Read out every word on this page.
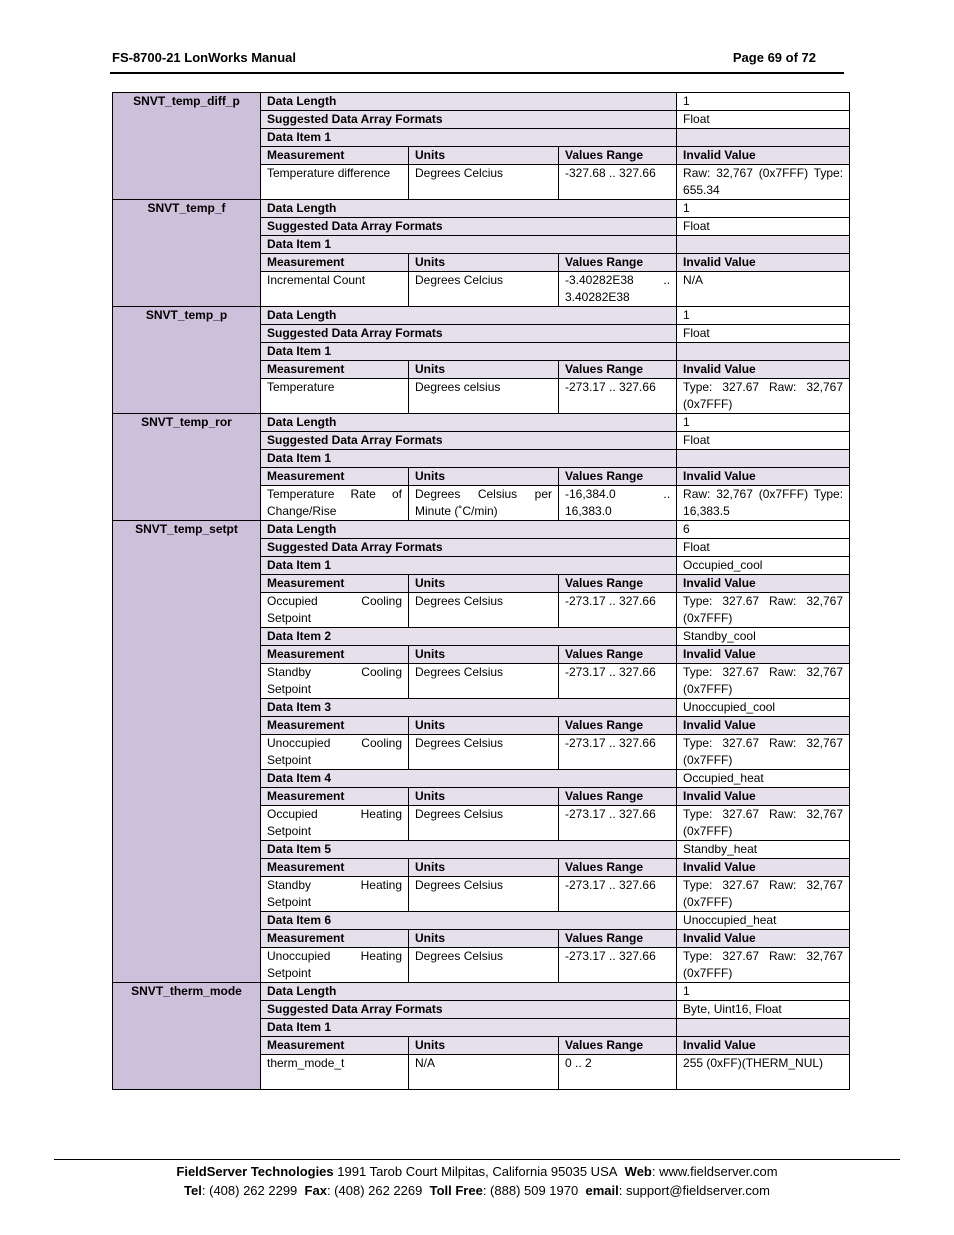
FS-8700-21 LonWorks Manual	Page 69 of 72
SNVT_temp_diff_p	Data Length			1
	Suggested Data Array Formats			Float
	Data Item 1			
	Measurement	Units	Values Range	Invalid Value
	Temperature difference	Degrees Celcius	-327.68 .. 327.66	Raw: 32,767 (0x7FFF) Type: 655.34
SNVT_temp_f	Data Length			1
	Suggested Data Array Formats			Float
	Data Item 1			
	Measurement	Units	Values Range	Invalid Value
	Incremental Count	Degrees Celcius	-3.40282E38 .. 3.40282E38	N/A
SNVT_temp_p	Data Length			1
	Suggested Data Array Formats			Float
	Data Item 1			
	Measurement	Units	Values Range	Invalid Value
	Temperature	Degrees celsius	-273.17 .. 327.66	Type: 327.67 Raw: 32,767 (0x7FFF)
SNVT_temp_ror	Data Length			1
	Suggested Data Array Formats			Float
	Data Item 1			
	Measurement	Units	Values Range	Invalid Value
	Temperature Rate of Change/Rise	Degrees Celsius per Minute (˚C/min)	-16,384.0 .. 16,383.0	Raw: 32,767 (0x7FFF) Type: 16,383.5
SNVT_temp_setpt	Data Length			6
	Suggested Data Array Formats			Float
	Data Item 1			Occupied_cool
	Measurement	Units	Values Range	Invalid Value
	Occupied Cooling Setpoint	Degrees Celsius	-273.17 .. 327.66	Type: 327.67 Raw: 32,767 (0x7FFF)
	Data Item 2			Standby_cool
	Measurement	Units	Values Range	Invalid Value
	Standby Cooling Setpoint	Degrees Celsius	-273.17 .. 327.66	Type: 327.67 Raw: 32,767 (0x7FFF)
	Data Item 3			Unoccupied_cool
	Measurement	Units	Values Range	Invalid Value
	Unoccupied Cooling Setpoint	Degrees Celsius	-273.17 .. 327.66	Type: 327.67 Raw: 32,767 (0x7FFF)
	Data Item 4			Occupied_heat
	Measurement	Units	Values Range	Invalid Value
	Occupied Heating Setpoint	Degrees Celsius	-273.17 .. 327.66	Type: 327.67 Raw: 32,767 (0x7FFF)
	Data Item 5			Standby_heat
	Measurement	Units	Values Range	Invalid Value
	Standby Heating Setpoint	Degrees Celsius	-273.17 .. 327.66	Type: 327.67 Raw: 32,767 (0x7FFF)
	Data Item 6			Unoccupied_heat
	Measurement	Units	Values Range	Invalid Value
	Unoccupied Heating Setpoint	Degrees Celsius	-273.17 .. 327.66	Type: 327.67 Raw: 32,767 (0x7FFF)
SNVT_therm_mode	Data Length			1
	Suggested Data Array Formats			Byte, Uint16, Float
	Data Item 1			
	Measurement	Units	Values Range	Invalid Value
	therm_mode_t	N/A	0 .. 2	255 (0xFF)(THERM_NUL)
FieldServer Technologies 1991 Tarob Court Milpitas, California 95035 USA Web: www.fieldserver.com
Tel: (408) 262 2299 Fax: (408) 262 2269 Toll Free: (888) 509 1970 email: support@fieldserver.com
